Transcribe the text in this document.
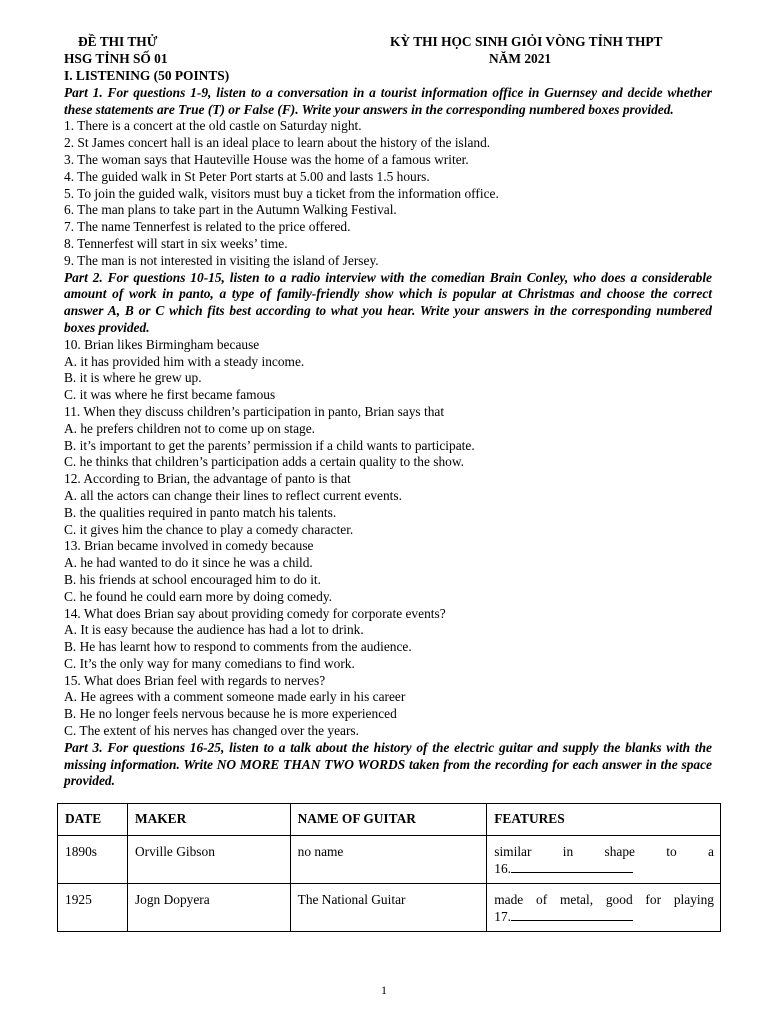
ĐỀ THI THỬ	KỲ THI HỌC SINH GIỎI VÒNG TỈNH THPT
HSG TỈNH SỐ 01	NĂM 2021
I. LISTENING (50 POINTS)
Part 1. For questions 1-9, listen to a conversation in a tourist information office in Guernsey and decide whether these statements are True (T) or False (F). Write your answers in the corresponding numbered boxes provided.
1. There is a concert at the old castle on Saturday night.
2. St James concert hall is an ideal place to learn about the history of the island.
3. The woman says that Hauteville House was the home of a famous writer.
4. The guided walk in St Peter Port starts at 5.00 and lasts 1.5 hours.
5. To join the guided walk, visitors must buy a ticket from the information office.
6. The man plans to take part in the Autumn Walking Festival.
7. The name Tennerfest is related to the price offered.
8. Tennerfest will start in six weeks’ time.
9. The man is not interested in visiting the island of Jersey.
Part 2. For questions 10-15, listen to a radio interview with the comedian Brain Conley, who does a considerable amount of work in panto, a type of family-friendly show which is popular at Christmas and choose the correct answer A, B or C which fits best according to what you hear. Write your answers in the corresponding numbered boxes provided.
10. Brian likes Birmingham because
A. it has provided him with a steady income.
B. it is where he grew up.
C. it was where he first became famous
11. When they discuss children’s participation in panto, Brian says that
A. he prefers children not to come up on stage.
B. it’s important to get the parents’ permission if a child wants to participate.
C. he thinks that children’s participation adds a certain quality to the show.
12. According to Brian, the advantage of panto is that
A. all the actors can change their lines to reflect current events.
B. the qualities required in panto match his talents.
C. it gives him the chance to play a comedy character.
13. Brian became involved in comedy because
A. he had wanted to do it since he was a child.
B. his friends at school encouraged him to do it.
C. he found he could earn more by doing comedy.
14. What does Brian say about providing comedy for corporate events?
A. It is easy because the audience has had a lot to drink.
B. He has learnt how to respond to comments from the audience.
C. It’s the only way for many comedians to find work.
15. What does Brian feel with regards to nerves?
A. He agrees with a comment someone made early in his career
B. He no longer feels nervous because he is more experienced
C. The extent of his nerves has changed over the years.
Part 3. For questions 16-25, listen to a talk about the history of the electric guitar and supply the blanks with the missing information. Write NO MORE THAN TWO WORDS taken from the recording for each answer in the space provided.
DATE	MAKER	NAME OF GUITAR	FEATURES
1890s	Orville Gibson	no name	similar in shape to a
16.

1925	Jogn Dopyera	The National Guitar	made of metal, good for playing
17.
1
